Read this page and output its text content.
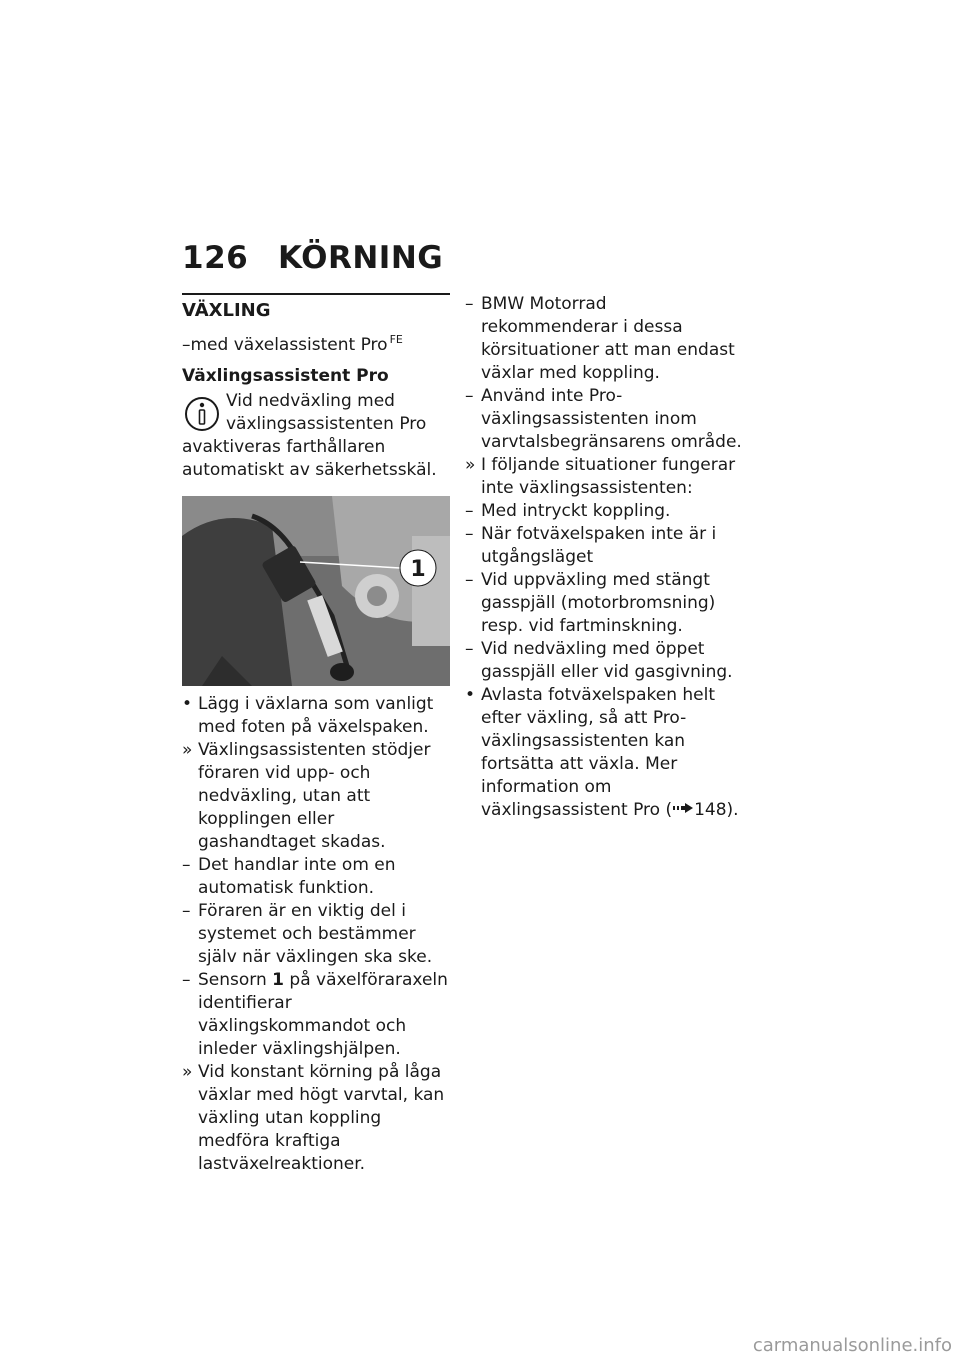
126 KÖRNING
VÄXLING
–med växelassistent Pro $^{FE}$
Växlingsassistent Pro
Vid nedväxling med växlingsassistenten Pro avaktiveras farthållaren automatiskt av säkerhetsskäl.
1
• Lägg i växlarna som vanligt med foten på växelspaken.
» Växlingsassistenten stödjer föraren vid upp- och nedväxling, utan att kopplingen eller gashandtaget skadas.
– Det handlar inte om en automatisk funktion.
– Föraren är en viktig del i systemet och bestämmer själv när växlingen ska ske.
– Sensorn 1 på växelföraraxeln identifierar växlingskommandot och inleder växlingshjälpen.
» Vid konstant körning på låga växlar med högt varvtal, kan växling utan koppling medföra kraftiga lastväxelreaktioner.
– BMW Motorrad rekommenderar i dessa körsituationer att man endast växlar med koppling.
– Använd inte Pro-växlingsassistenten inom varvtalsbegränsarens område.
» I följande situationer fungerar inte växlingsassistenten:
– Med intryckt koppling.
– När fotväxelspaken inte är i utgångsläget
– Vid uppväxling med stängt gasspjäll (motorbromsning) resp. vid fartminskning.
– Vid nedväxling med öppet gasspjäll eller vid gasgivning.
• Avlasta fotväxelspaken helt efter växling, så att Pro-växlingsassistenten kan fortsätta att växla. Mer information om växlingsassistent Pro ( 148).
carmanualsonline.info
